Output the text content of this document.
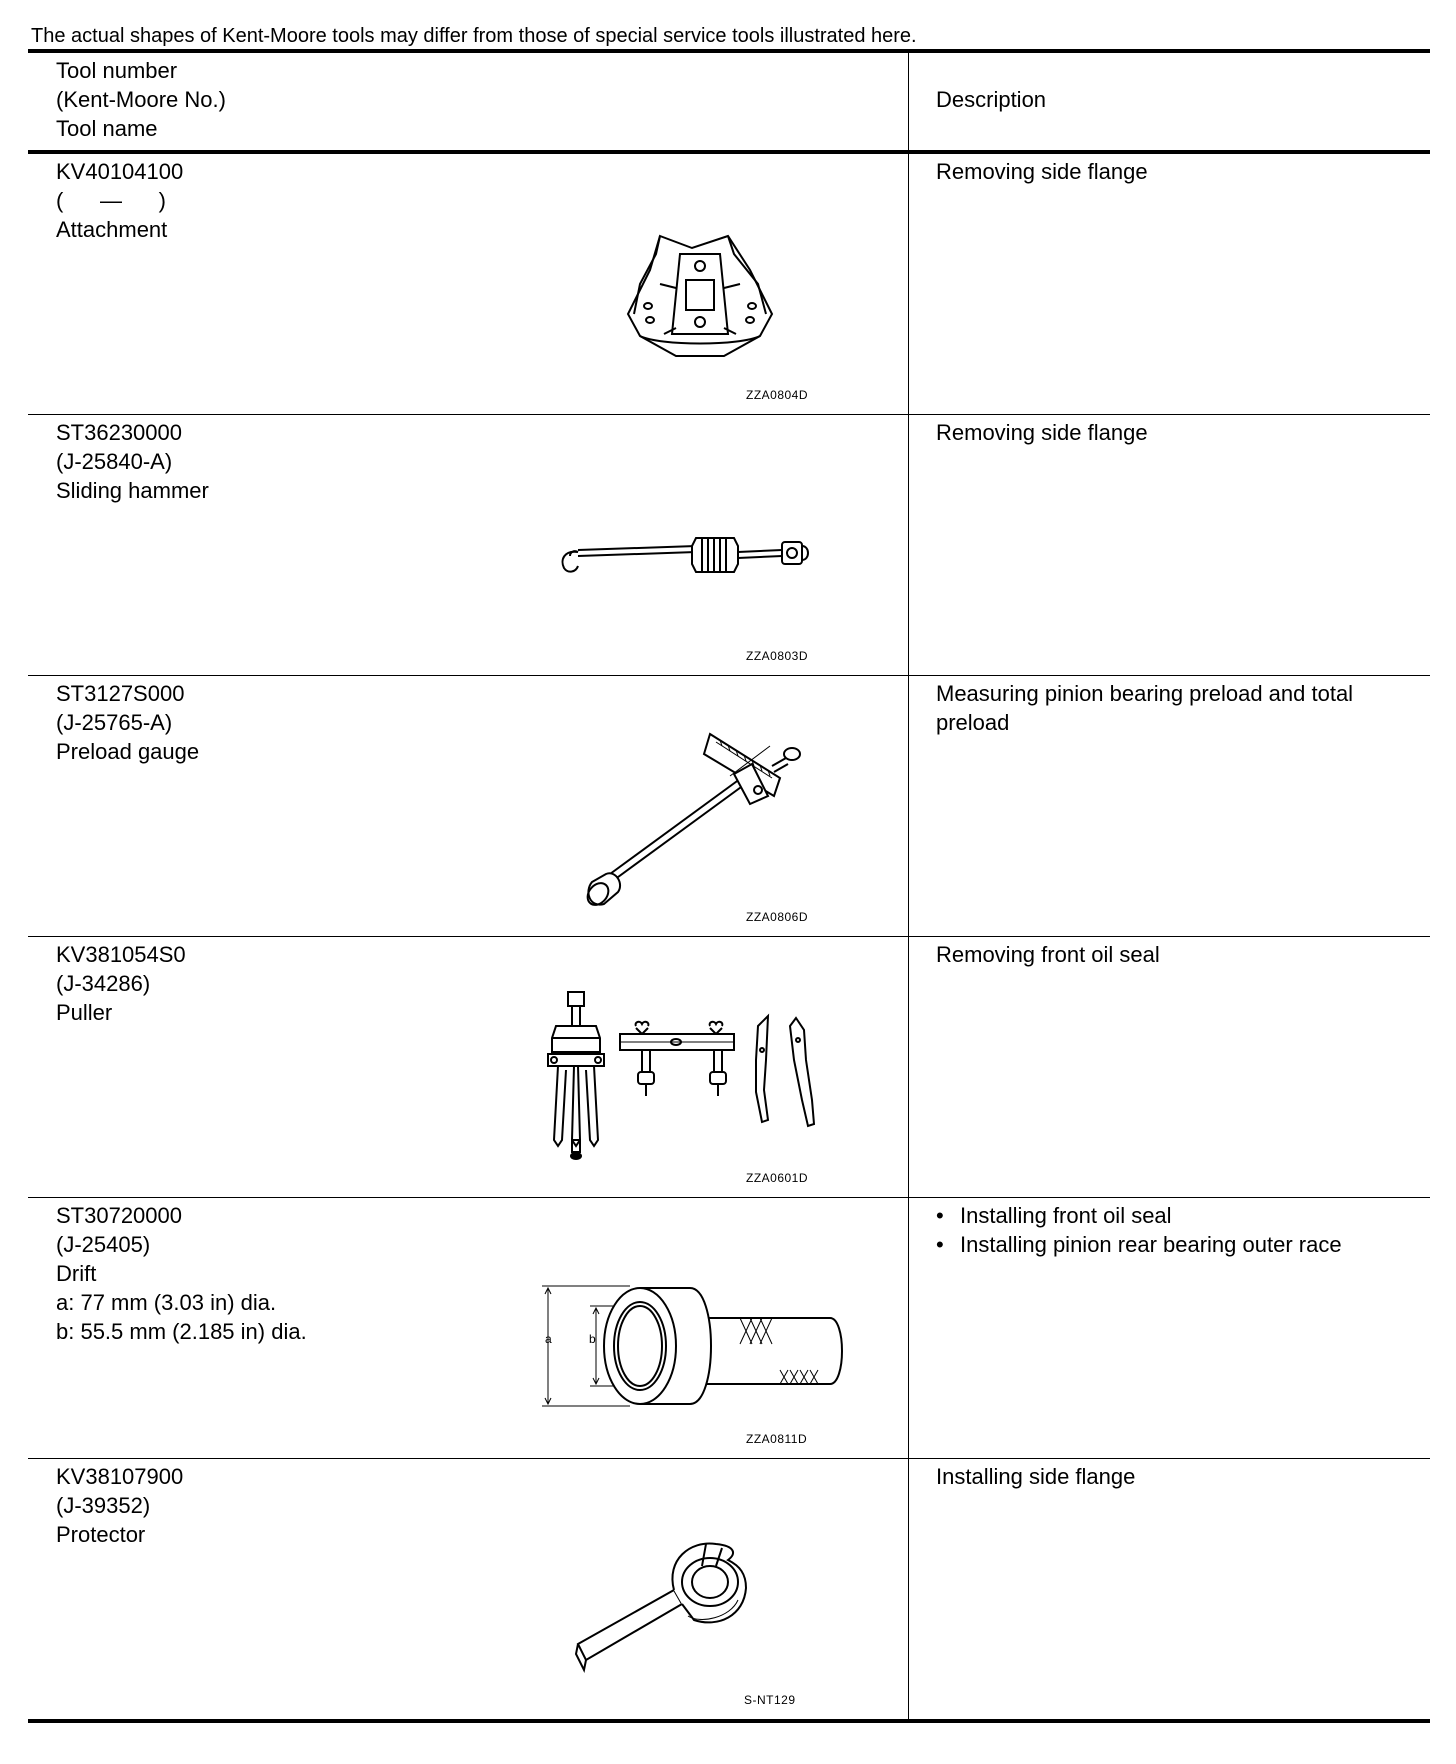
The actual shapes of Kent-Moore tools may differ from those of special service tools illustrated here.
Tool number
(Kent-Moore No.)
Tool name
Description
KV40104100
(      —      )
Attachment
ZZA0804D
Removing side flange
ST36230000
(J-25840-A)
Sliding hammer
ZZA0803D
Removing side flange
ST3127S000
(J-25765-A)
Preload gauge
ZZA0806D
Measuring pinion bearing preload and total
preload
KV381054S0
(J-34286)
Puller
ZZA0601D
Removing front oil seal
ST30720000
(J-25405)
Drift
a: 77 mm (3.03 in) dia.
b: 55.5 mm (2.185 in) dia.	a	b
ZZA0811D
• Installing front oil seal
• Installing pinion rear bearing outer race
KV38107900
(J-39352)
Protector
S-NT129
Installing side flange
